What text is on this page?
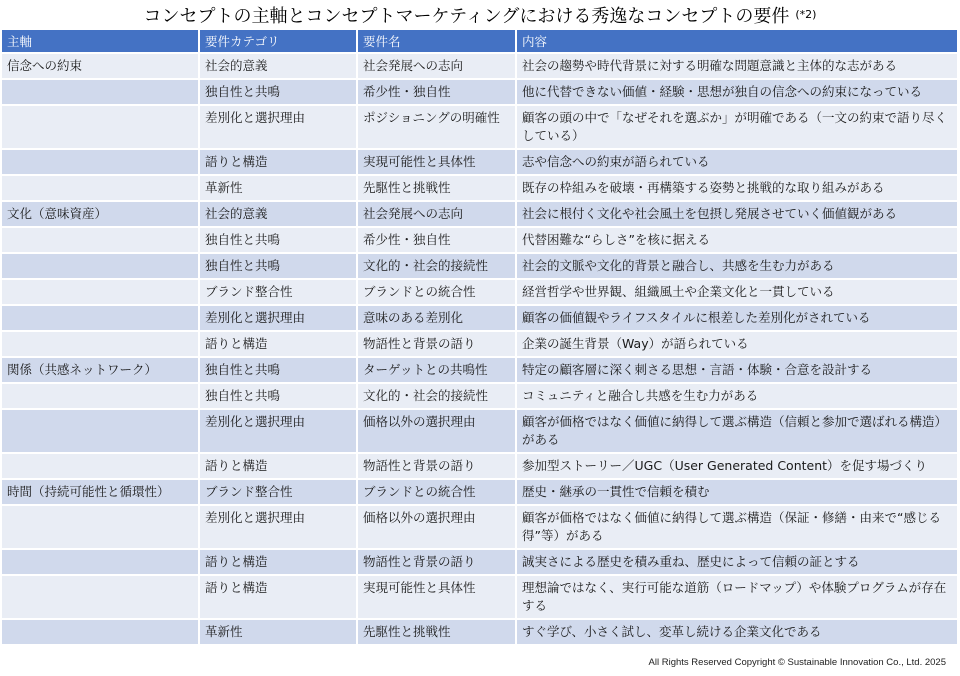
コンセプトの主軸とコンセプトマーケティングにおける秀逸なコンセプトの要件 $^{(*2)}$
主軸	要件カテゴリ	要件名	内容
信念への約束	社会的意義	社会発展への志向	社会の趨勢や時代背景に対する明確な問題意識と主体的な志がある
	独自性と共鳴	希少性・独自性	他に代替できない価値・経験・思想が独自の信念への約束になっている
	差別化と選択理由	ポジショニングの明確性	顧客の頭の中で「なぜそれを選ぶか」が明確である（一文の約束で語り尽くしている）
	語りと構造	実現可能性と具体性	志や信念への約束が語られている
	革新性	先駆性と挑戦性	既存の枠組みを破壊・再構築する姿勢と挑戦的な取り組みがある
文化（意味資産）	社会的意義	社会発展への志向	社会に根付く文化や社会風土を包摂し発展させていく価値観がある
	独自性と共鳴	希少性・独自性	代替困難な“らしさ”を核に据える
	独自性と共鳴	文化的・社会的接続性	社会的文脈や文化的背景と融合し、共感を生む力がある
	ブランド整合性	ブランドとの統合性	経営哲学や世界観、組織風土や企業文化と一貫している
	差別化と選択理由	意味のある差別化	顧客の価値観やライフスタイルに根差した差別化がされている
	語りと構造	物語性と背景の語り	企業の誕生背景（Way）が語られている
関係（共感ネットワーク）	独自性と共鳴	ターゲットとの共鳴性	特定の顧客層に深く刺さる思想・言語・体験・合意を設計する
	独自性と共鳴	文化的・社会的接続性	コミュニティと融合し共感を生む力がある
	差別化と選択理由	価格以外の選択理由	顧客が価格ではなく価値に納得して選ぶ構造（信頼と参加で選ばれる構造）がある
	語りと構造	物語性と背景の語り	参加型ストーリー／UGC（User Generated Content）を促す場づくり
時間（持続可能性と循環性）	ブランド整合性	ブランドとの統合性	歴史・継承の一貫性で信頼を積む
	差別化と選択理由	価格以外の選択理由	顧客が価格ではなく価値に納得して選ぶ構造（保証・修繕・由来で“感じる得”等）がある
	語りと構造	物語性と背景の語り	誠実さによる歴史を積み重ね、歴史によって信頼の証とする
	語りと構造	実現可能性と具体性	理想論ではなく、実行可能な道筋（ロードマップ）や体験プログラムが存在する
	革新性	先駆性と挑戦性	すぐ学び、小さく試し、変革し続ける企業文化である
All Rights Reserved Copyright © Sustainable Innovation Co., Ltd. 2025
